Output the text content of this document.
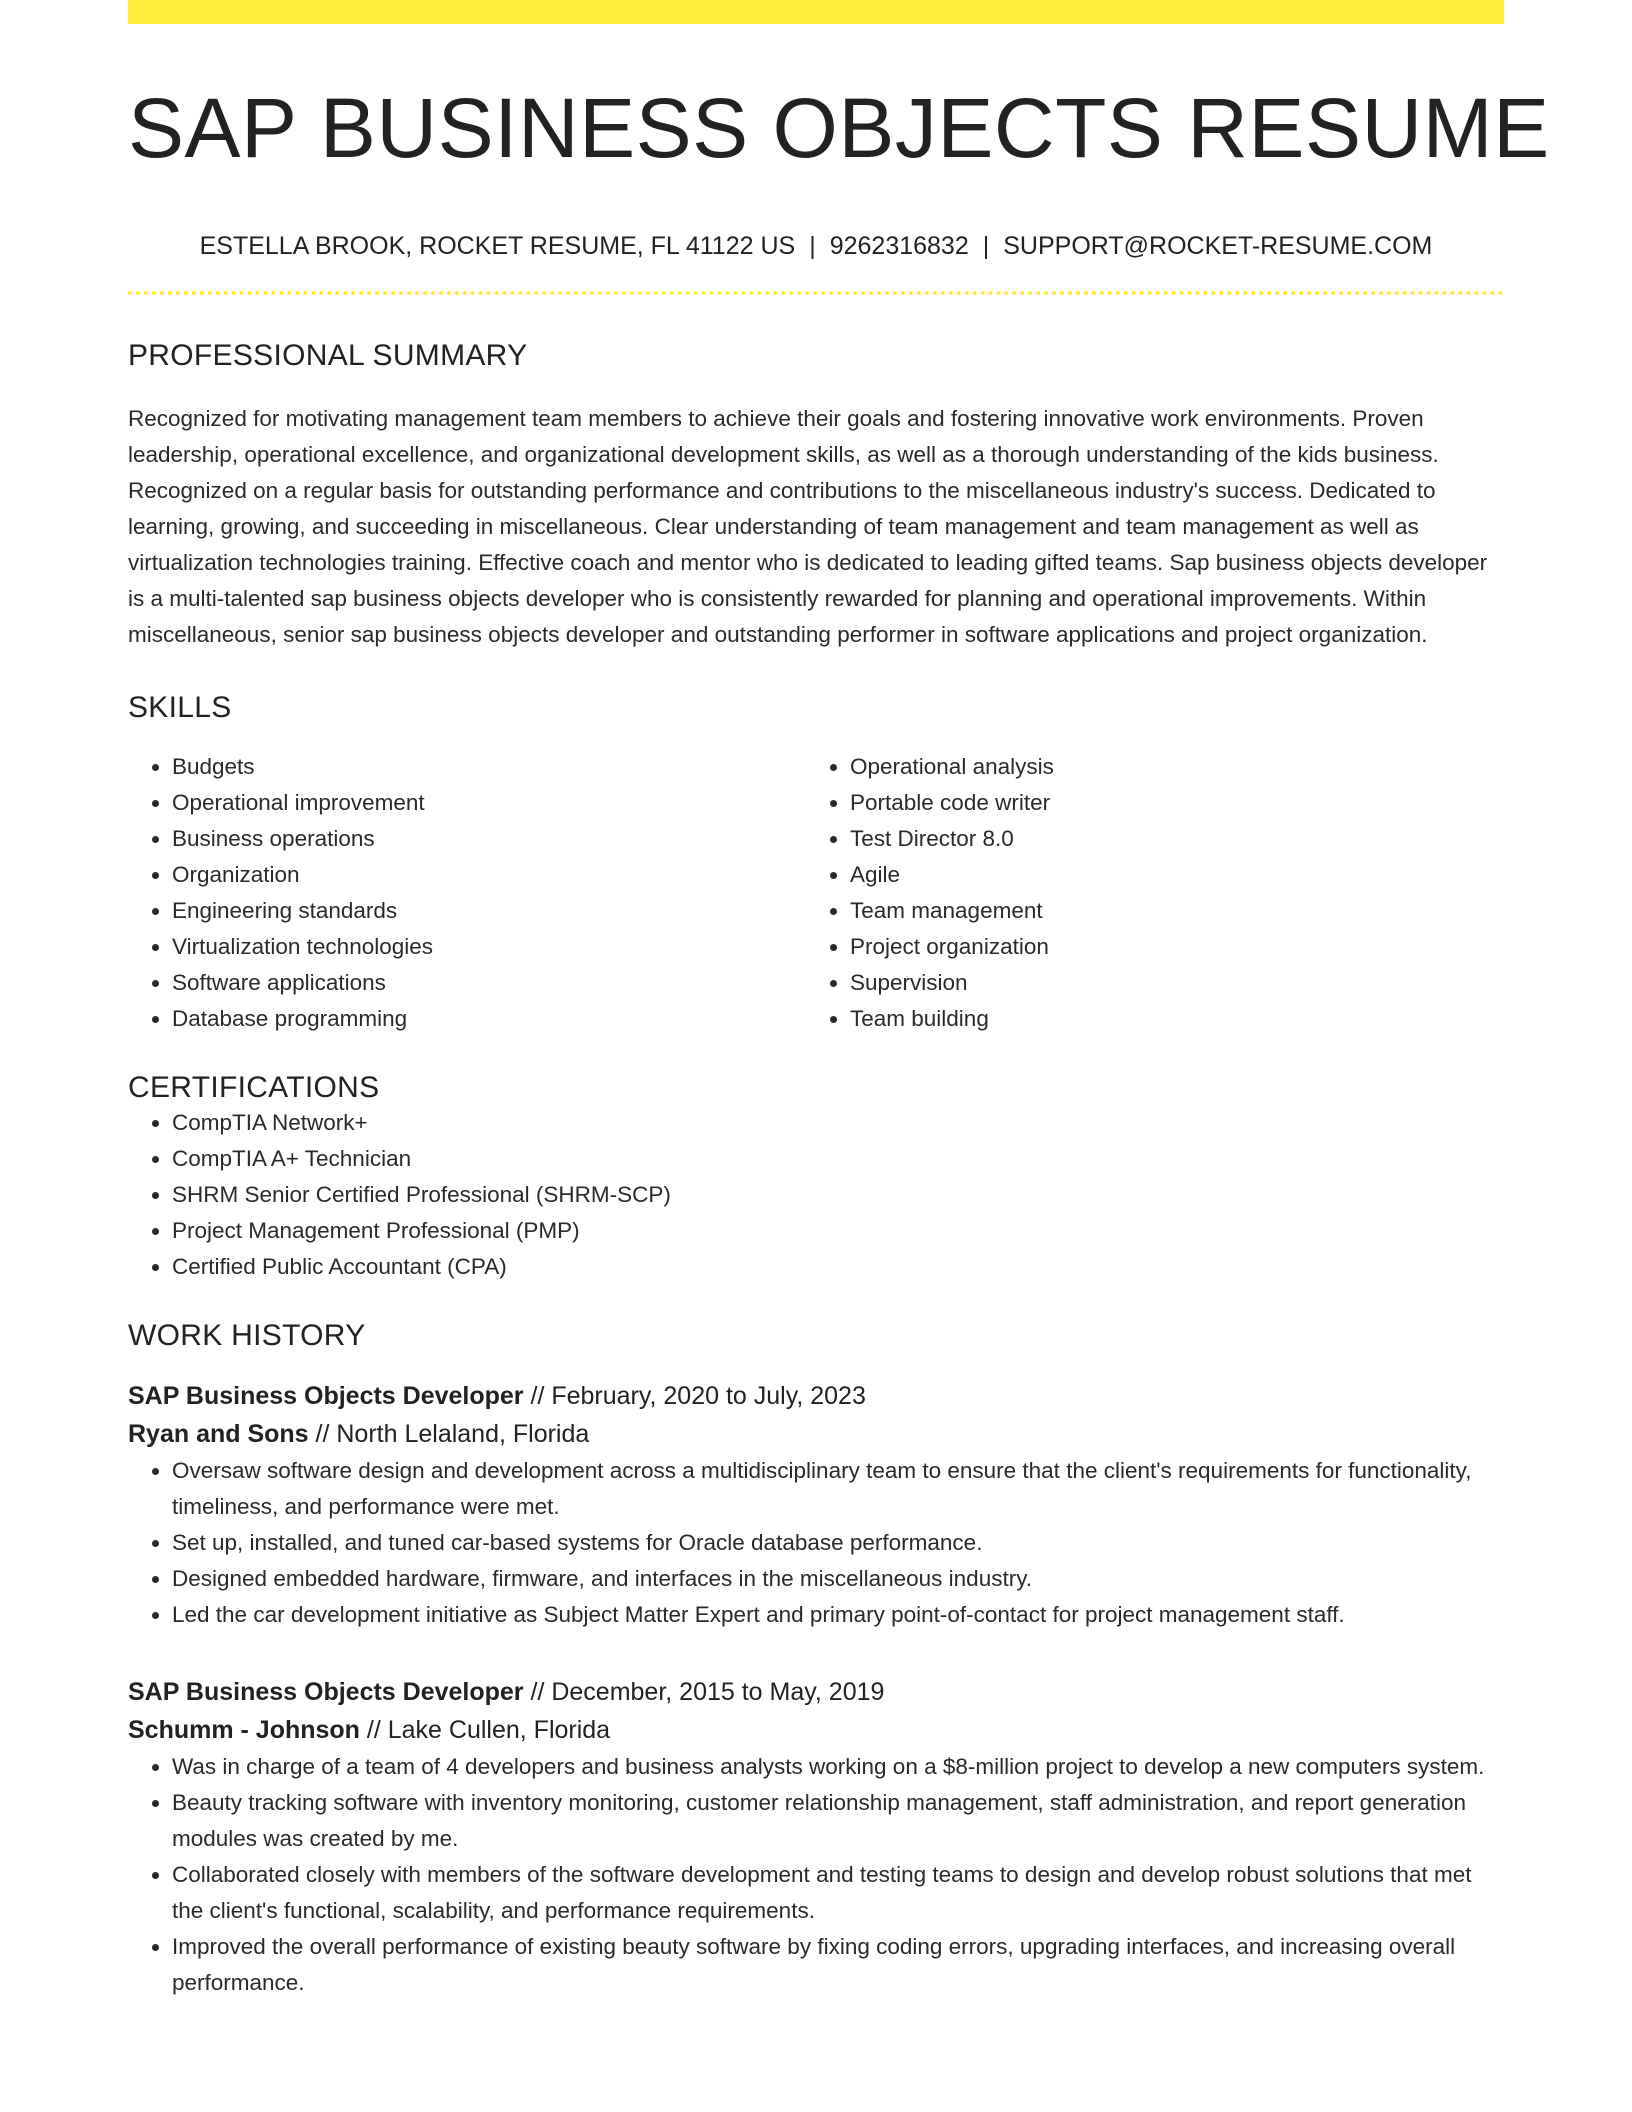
SAP BUSINESS OBJECTS RESUME
ESTELLA BROOK, ROCKET RESUME, FL 41122 US | 9262316832 | SUPPORT@ROCKET-RESUME.COM
PROFESSIONAL SUMMARY

Recognized for motivating management team members to achieve their goals and fostering innovative work environments. Proven leadership, operational excellence, and organizational development skills, as well as a thorough understanding of the kids business. Recognized on a regular basis for outstanding performance and contributions to the miscellaneous industry's success. Dedicated to learning, growing, and succeeding in miscellaneous. Clear understanding of team management and team management as well as virtualization technologies training. Effective coach and mentor who is dedicated to leading gifted teams. Sap business objects developer is a multi-talented sap business objects developer who is consistently rewarded for planning and operational improvements. Within miscellaneous, senior sap business objects developer and outstanding performer in software applications and project organization.

SKILLS
• Budgets
• Operational improvement
• Business operations
• Organization
• Engineering standards
• Virtualization technologies
• Software applications
• Database programming
• Operational analysis
• Portable code writer
• Test Director 8.0
• Agile
• Team management
• Project organization
• Supervision
• Team building
CERTIFICATIONS
• CompTIA Network+
• CompTIA A+ Technician
• SHRM Senior Certified Professional (SHRM-SCP)
• Project Management Professional (PMP)
• Certified Public Accountant (CPA)
WORK HISTORY
SAP Business Objects Developer // February, 2020 to July, 2023
Ryan and Sons // North Lelaland, Florida
• Oversaw software design and development across a multidisciplinary team to ensure that the client's requirements for functionality, timeliness, and performance were met.
• Set up, installed, and tuned car-based systems for Oracle database performance.
• Designed embedded hardware, firmware, and interfaces in the miscellaneous industry.
• Led the car development initiative as Subject Matter Expert and primary point-of-contact for project management staff.
SAP Business Objects Developer // December, 2015 to May, 2019
Schumm - Johnson // Lake Cullen, Florida
• Was in charge of a team of 4 developers and business analysts working on a $8-million project to develop a new computers system.
• Beauty tracking software with inventory monitoring, customer relationship management, staff administration, and report generation modules was created by me.
• Collaborated closely with members of the software development and testing teams to design and develop robust solutions that met the client's functional, scalability, and performance requirements.
• Improved the overall performance of existing beauty software by fixing coding errors, upgrading interfaces, and increasing overall performance.
